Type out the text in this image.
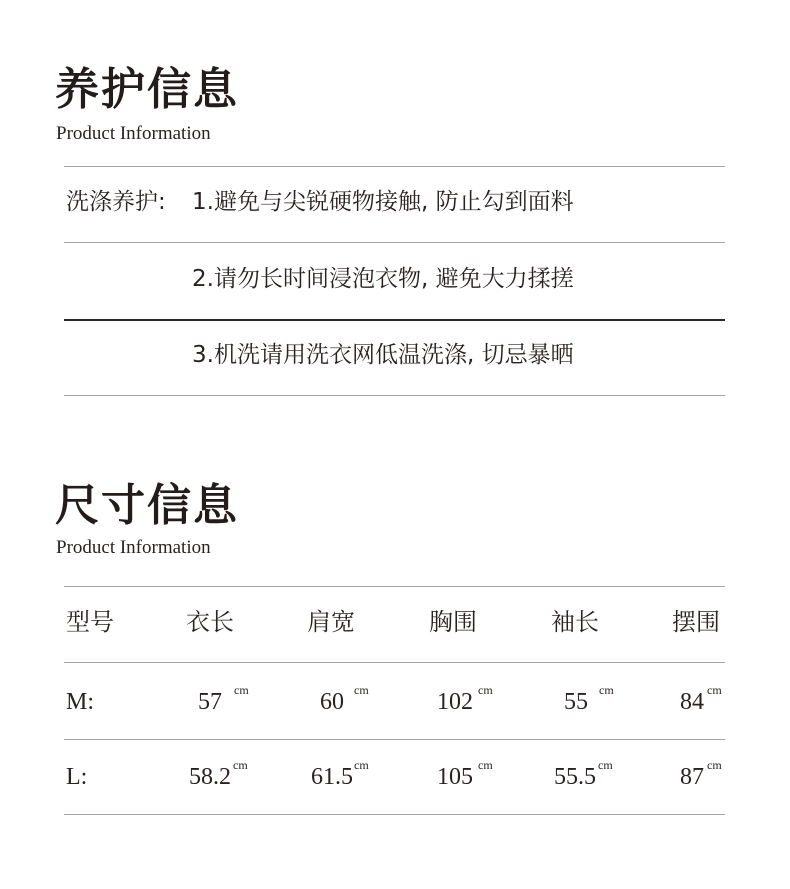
养护信息
Product Information
洗涤养护: 1.避免与尖锐硬物接触, 防止勾到面料
2.请勿长时间浸泡衣物, 避免大力揉搓
3.机洗请用洗衣网低温洗涤, 切忌暴晒
尺寸信息
Product Information
型号	衣长	肩宽	胸围	袖长	摆围
M:	57 cm	60 cm	102 cm	55 cm	84 cm
L:	58.2 cm	61.5 cm	105 cm	55.5 cm	87 cm
